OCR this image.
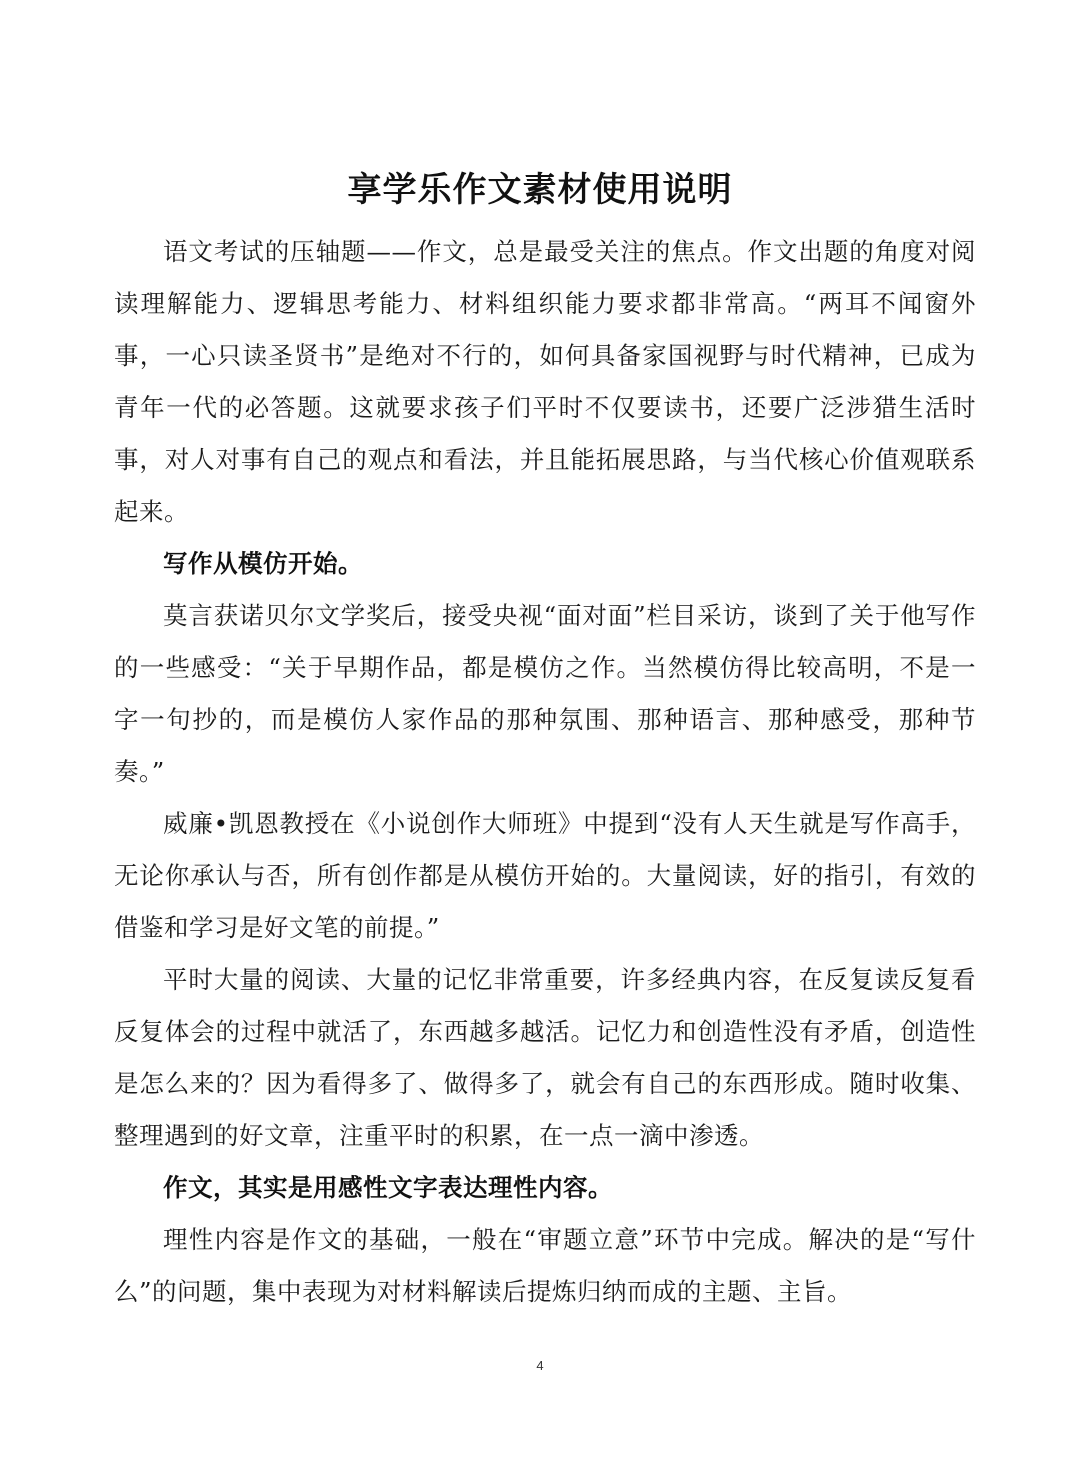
享学乐作文素材使用说明

语文考试的压轴题——作文，总是最受关注的焦点。作文出题的角度对阅读理解能力、逻辑思考能力、材料组织能力要求都非常高。“两耳不闻窗外事，一心只读圣贤书”是绝对不行的，如何具备家国视野与时代精神，已成为青年一代的必答题。这就要求孩子们平时不仅要读书，还要广泛涉猎生活时事，对人对事有自己的观点和看法，并且能拓展思路，与当代核心价值观联系起来。

写作从模仿开始。

莫言获诺贝尔文学奖后，接受央视“面对面”栏目采访，谈到了关于他写作的一些感受：“关于早期作品，都是模仿之作。当然模仿得比较高明，不是一字一句抄的，而是模仿人家作品的那种氛围、那种语言、那种感受，那种节奏。”

威廉•凯恩教授在《小说创作大师班》中提到“没有人天生就是写作高手，无论你承认与否，所有创作都是从模仿开始的。大量阅读，好的指引，有效的借鉴和学习是好文笔的前提。”

平时大量的阅读、大量的记忆非常重要，许多经典内容，在反复读反复看反复体会的过程中就活了，东西越多越活。记忆力和创造性没有矛盾，创造性是怎么来的？因为看得多了、做得多了，就会有自己的东西形成。随时收集、整理遇到的好文章，注重平时的积累，在一点一滴中渗透。

作文，其实是用感性文字表达理性内容。

理性内容是作文的基础，一般在“审题立意”环节中完成。解决的是“写什么”的问题，集中表现为对材料解读后提炼归纳而成的主题、主旨。

4
